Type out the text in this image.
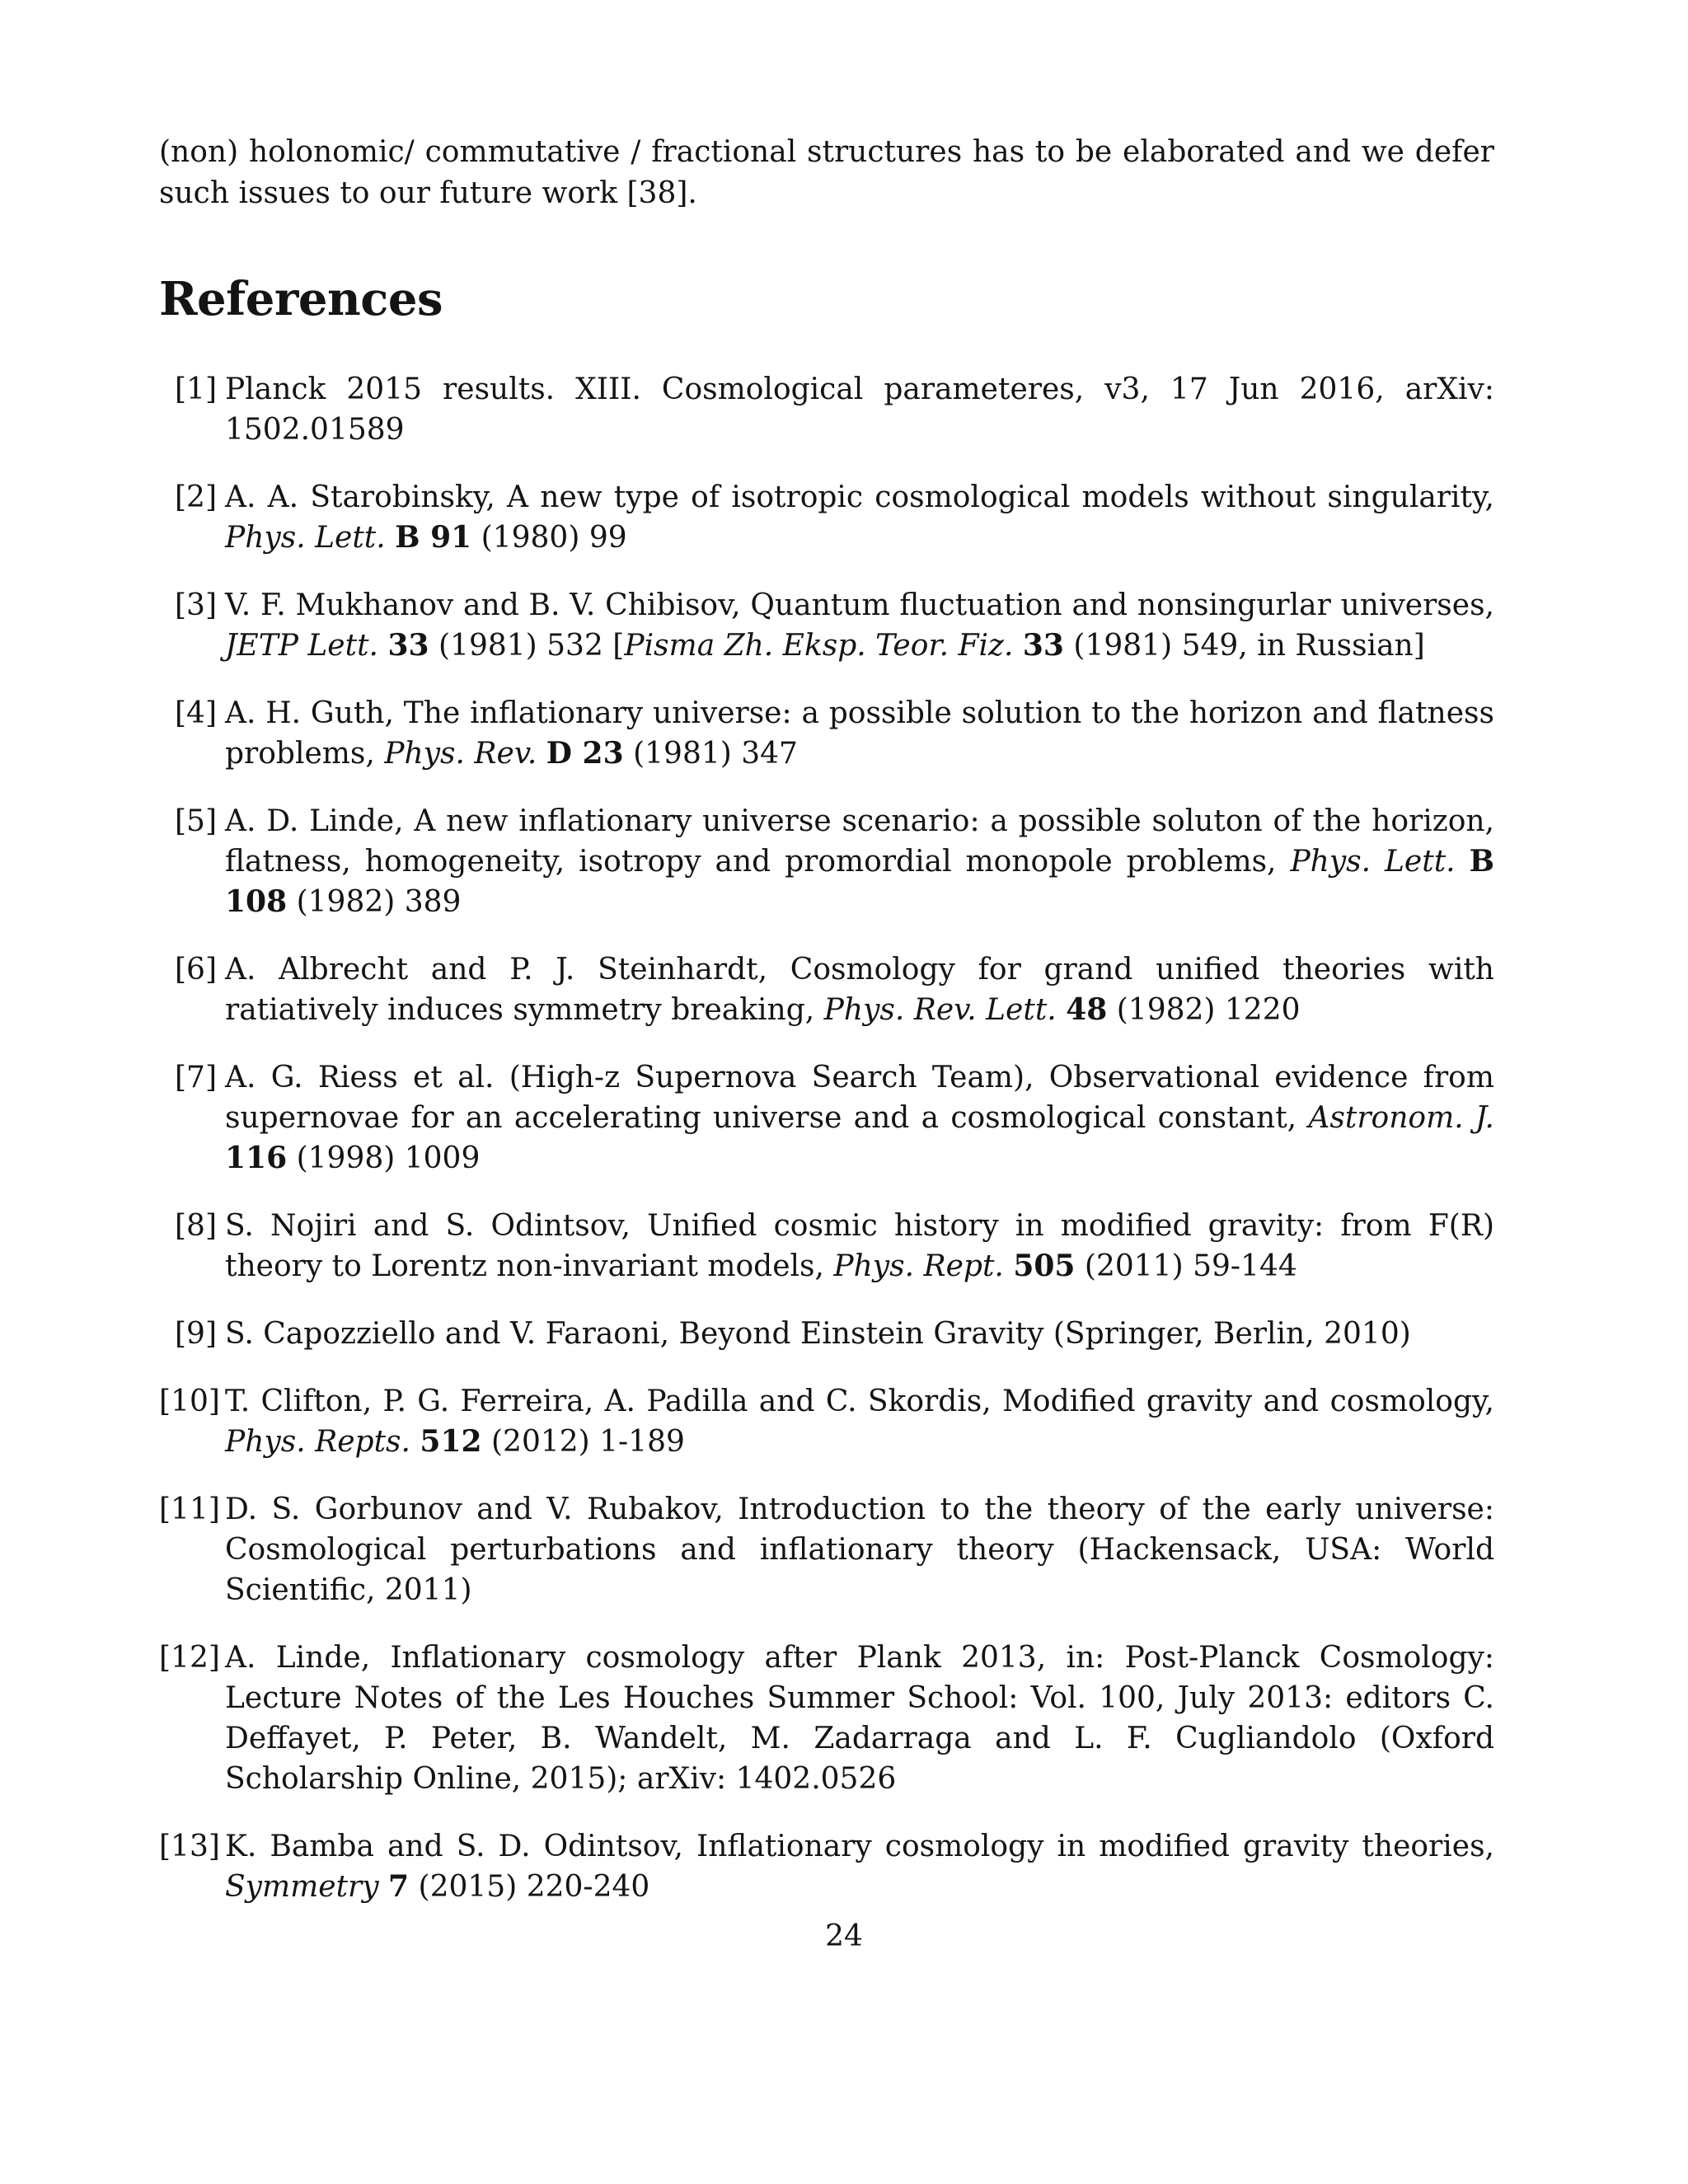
(non) holonomic/ commutative / fractional structures has to be elaborated and we defer such issues to our future work [38].

References
[1] Planck 2015 results. XIII. Cosmological parameteres, v3, 17 Jun 2016, arXiv: 1502.01589
[2] A. A. Starobinsky, A new type of isotropic cosmological models without singularity, Phys. Lett. B 91 (1980) 99
[3] V. F. Mukhanov and B. V. Chibisov, Quantum fluctuation and nonsingurlar universes, JETP Lett. 33 (1981) 532 [Pisma Zh. Eksp. Teor. Fiz. 33 (1981) 549, in Russian]
[4] A. H. Guth, The inflationary universe: a possible solution to the horizon and flatness problems, Phys. Rev. D 23 (1981) 347
[5] A. D. Linde, A new inflationary universe scenario: a possible soluton of the horizon, flatness, homogeneity, isotropy and promordial monopole problems, Phys. Lett. B 108 (1982) 389
[6] A. Albrecht and P. J. Steinhardt, Cosmology for grand unified theories with ratiatively induces symmetry breaking, Phys. Rev. Lett. 48 (1982) 1220
[7] A. G. Riess et al. (High-z Supernova Search Team), Observational evidence from supernovae for an accelerating universe and a cosmological constant, Astronom. J. 116 (1998) 1009
[8] S. Nojiri and S. Odintsov, Unified cosmic history in modified gravity: from F(R) theory to Lorentz non-invariant models, Phys. Rept. 505 (2011) 59-144
[9] S. Capozziello and V. Faraoni, Beyond Einstein Gravity (Springer, Berlin, 2010)
[10] T. Clifton, P. G. Ferreira, A. Padilla and C. Skordis, Modified gravity and cosmology, Phys. Repts. 512 (2012) 1-189
[11] D. S. Gorbunov and V. Rubakov, Introduction to the theory of the early universe: Cosmological perturbations and inflationary theory (Hackensack, USA: World Scientific, 2011)
[12] A. Linde, Inflationary cosmology after Plank 2013, in: Post-Planck Cosmology: Lecture Notes of the Les Houches Summer School: Vol. 100, July 2013: editors C. Deffayet, P. Peter, B. Wandelt, M. Zadarraga and L. F. Cugliandolo (Oxford Scholarship Online, 2015); arXiv: 1402.0526
[13] K. Bamba and S. D. Odintsov, Inflationary cosmology in modified gravity theories, Symmetry 7 (2015) 220-240
24
